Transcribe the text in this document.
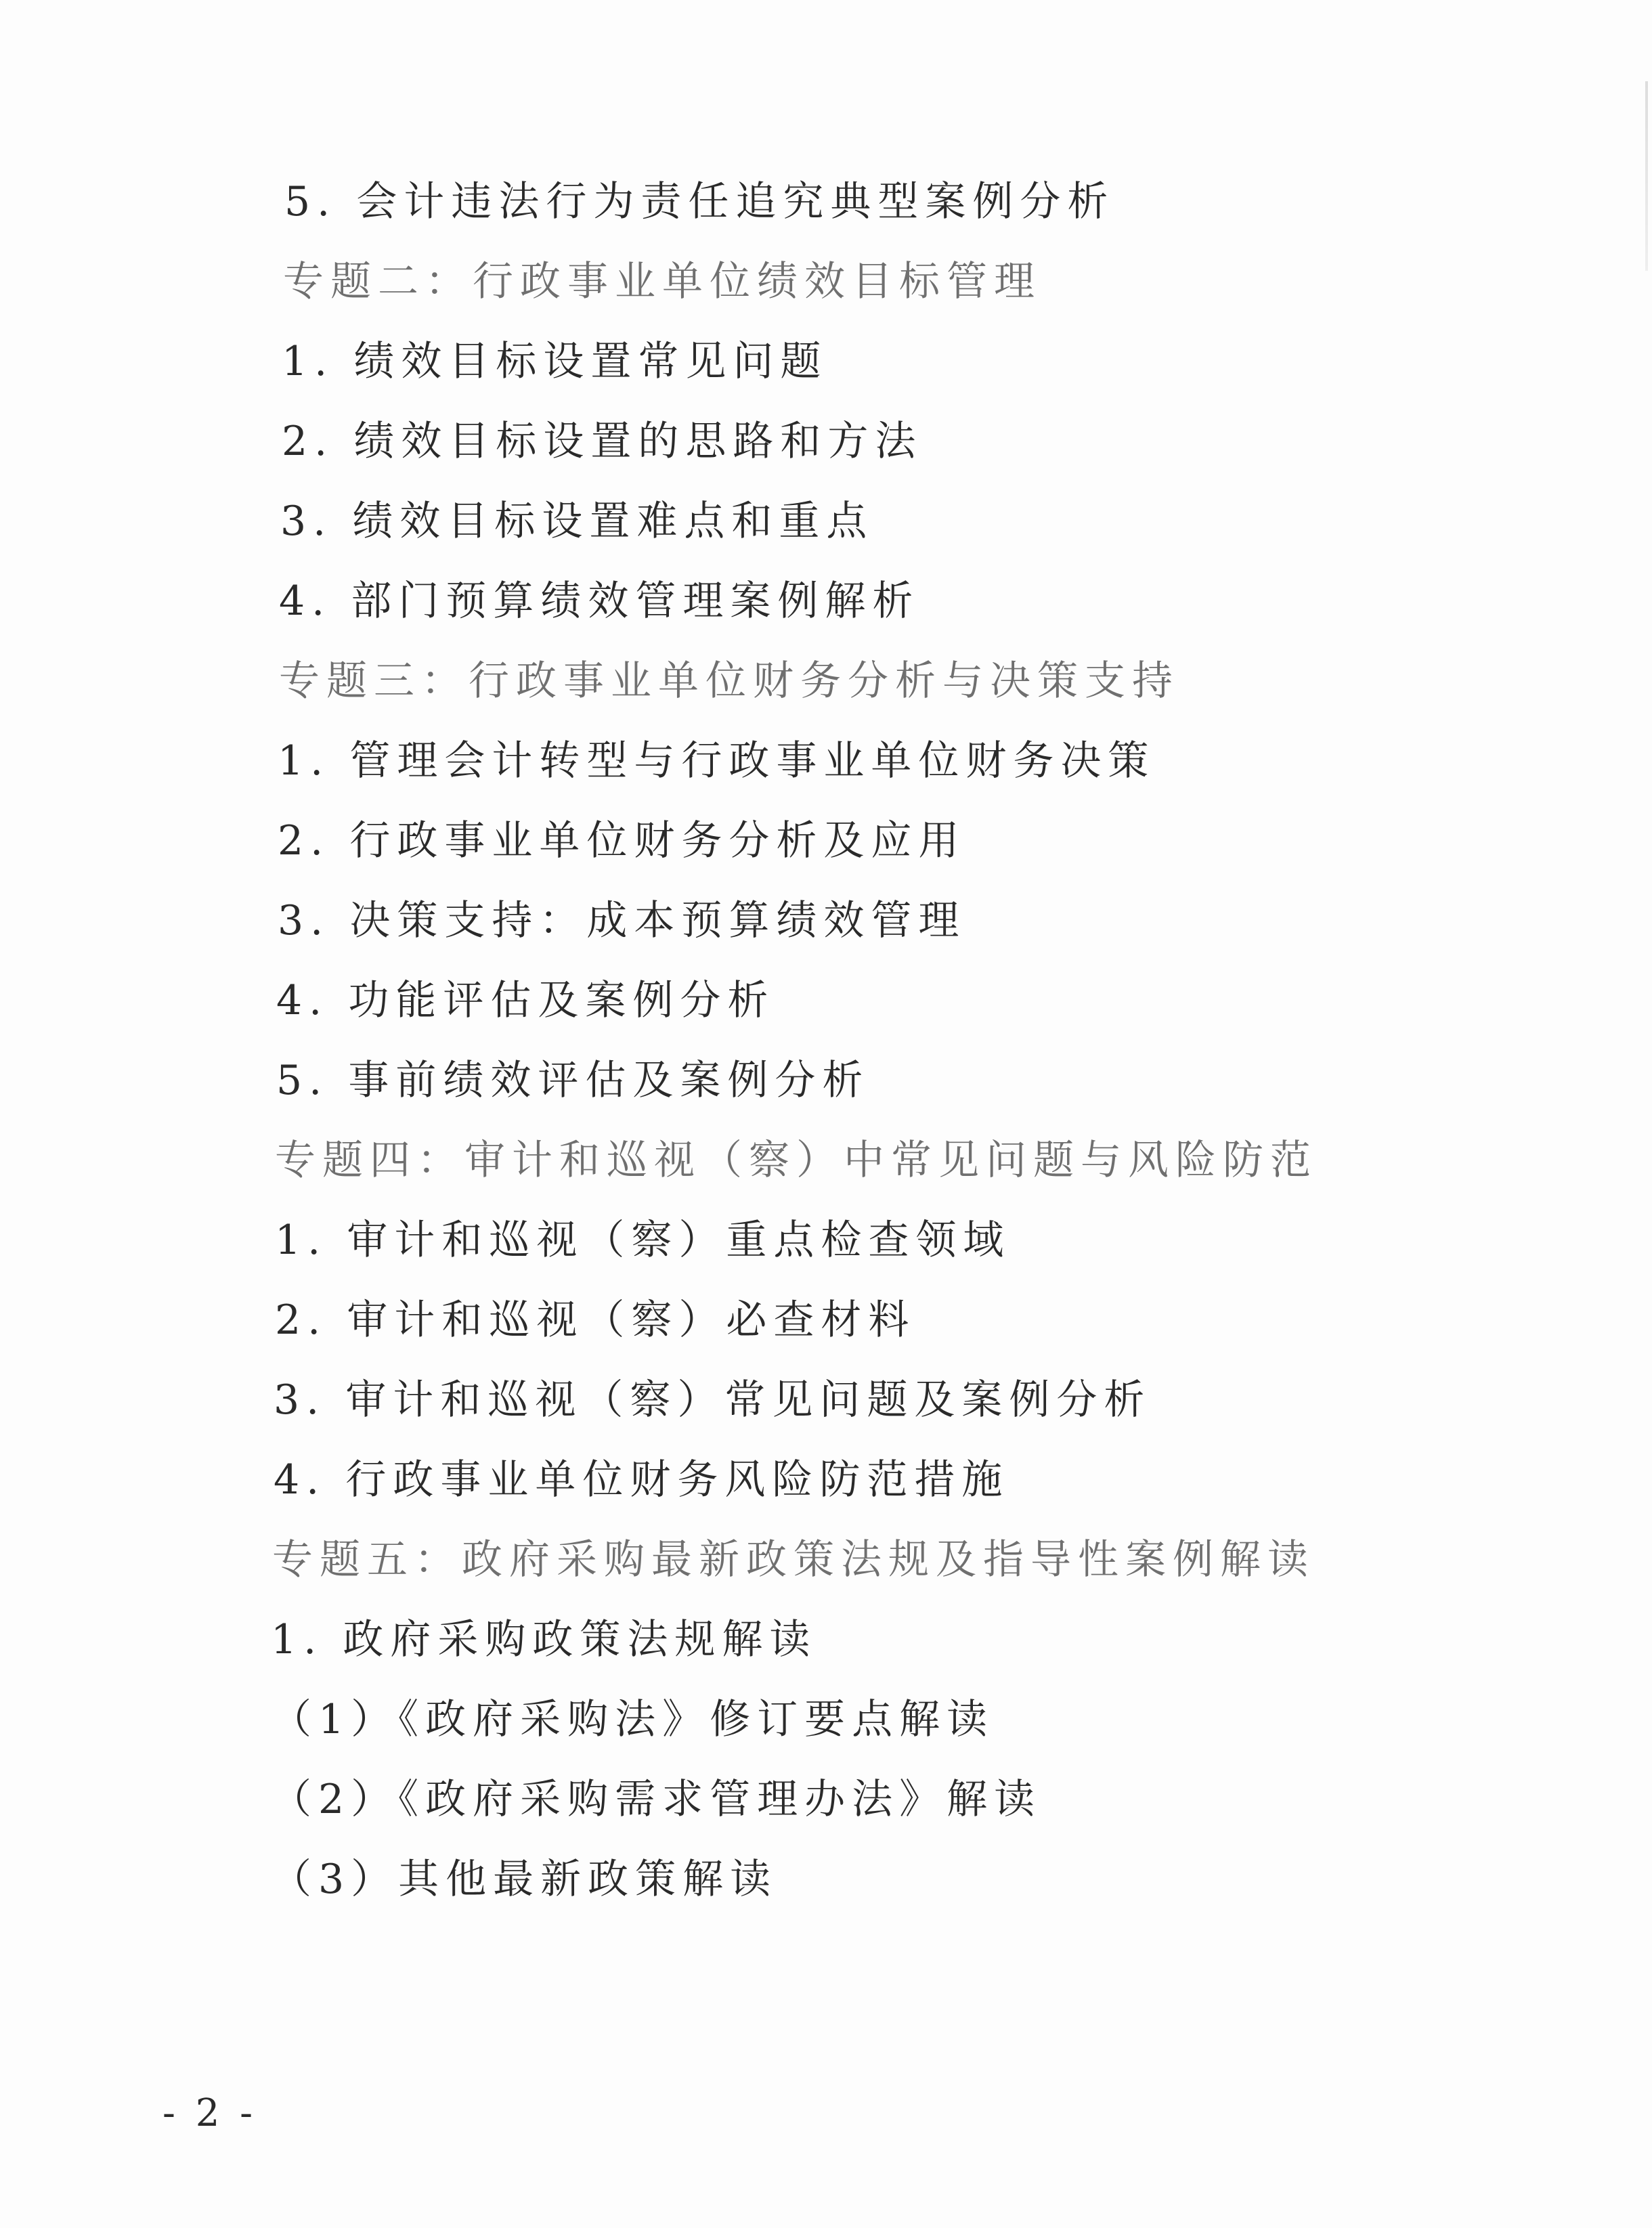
5. 会计违法行为责任追究典型案例分析
专题二：行政事业单位绩效目标管理
1. 绩效目标设置常见问题
2. 绩效目标设置的思路和方法
3. 绩效目标设置难点和重点
4. 部门预算绩效管理案例解析
专题三：行政事业单位财务分析与决策支持
1. 管理会计转型与行政事业单位财务决策
2. 行政事业单位财务分析及应用
3. 决策支持：成本预算绩效管理
4. 功能评估及案例分析
5. 事前绩效评估及案例分析
专题四：审计和巡视（察）中常见问题与风险防范
1. 审计和巡视（察）重点检查领域
2. 审计和巡视（察）必查材料
3. 审计和巡视（察）常见问题及案例分析
4. 行政事业单位财务风险防范措施
专题五：政府采购最新政策法规及指导性案例解读
1. 政府采购政策法规解读
（1）《政府采购法》修订要点解读
（2）《政府采购需求管理办法》解读
（3）其他最新政策解读
- 2 -
